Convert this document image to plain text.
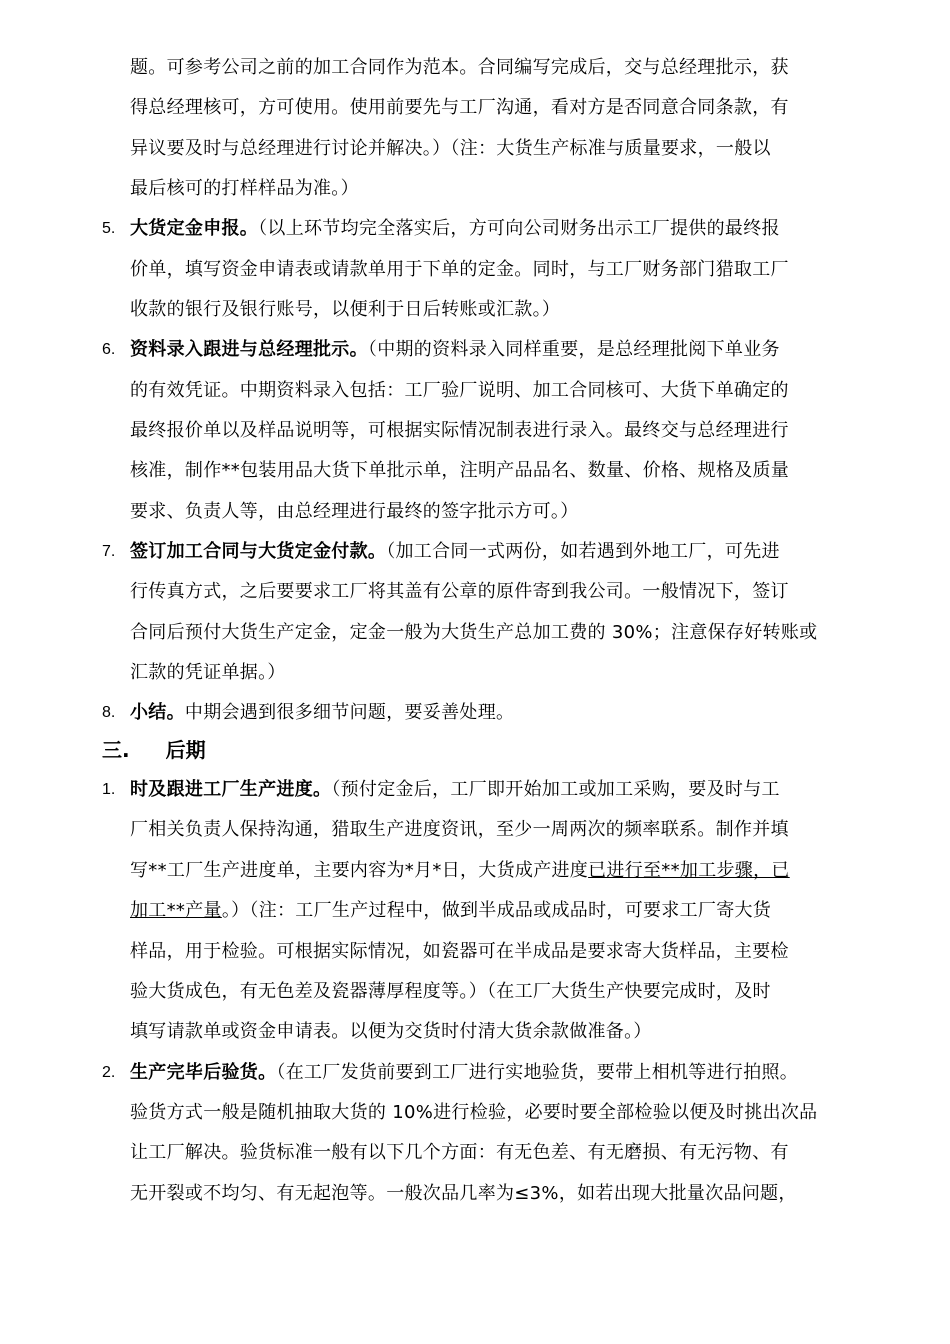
题。可参考公司之前的加工合同作为范本。合同编写完成后，交与总经理批示，获
得总经理核可，方可使用。使用前要先与工厂沟通，看对方是否同意合同条款，有
异议要及时与总经理进行讨论并解决。）（注：大货生产标准与质量要求，一般以
最后核可的打样样品为准。）
5. 大货定金申报。（以上环节均完全落实后，方可向公司财务出示工厂提供的最终报
价单，填写资金申请表或请款单用于下单的定金。同时，与工厂财务部门猎取工厂
收款的银行及银行账号，以便利于日后转账或汇款。）
6. 资料录入跟进与总经理批示。（中期的资料录入同样重要，是总经理批阅下单业务
的有效凭证。中期资料录入包括：工厂验厂说明、加工合同核可、大货下单确定的
最终报价单以及样品说明等，可根据实际情况制表进行录入。最终交与总经理进行
核准，制作**包装用品大货下单批示单，注明产品品名、数量、价格、规格及质量
要求、负责人等，由总经理进行最终的签字批示方可。）
7. 签订加工合同与大货定金付款。（加工合同一式两份，如若遇到外地工厂，可先进
行传真方式，之后要要求工厂将其盖有公章的原件寄到我公司。一般情况下，签订
合同后预付大货生产定金，定金一般为大货生产总加工费的 30%；注意保存好转账或
汇款的凭证单据。）
8. 小结。中期会遇到很多细节问题，要妥善处理。
三. 后期
1. 时及跟进工厂生产进度。（预付定金后，工厂即开始加工或加工采购，要及时与工
厂相关负责人保持沟通，猎取生产进度资讯，至少一周两次的频率联系。制作并填
写**工厂生产进度单，主要内容为*月*日，大货成产进度已进行至**加工步骤，已
加工**产量。）（注：工厂生产过程中，做到半成品或成品时，可要求工厂寄大货
样品，用于检验。可根据实际情况，如瓷器可在半成品是要求寄大货样品，主要检
验大货成色，有无色差及瓷器薄厚程度等。）（在工厂大货生产快要完成时，及时
填写请款单或资金申请表。以便为交货时付清大货余款做准备。）
2. 生产完毕后验货。（在工厂发货前要到工厂进行实地验货，要带上相机等进行拍照。
验货方式一般是随机抽取大货的 10%进行检验，必要时要全部检验以便及时挑出次品
让工厂解决。验货标准一般有以下几个方面：有无色差、有无磨损、有无污物、有
无开裂或不均匀、有无起泡等。一般次品几率为≤3%，如若出现大批量次品问题，
